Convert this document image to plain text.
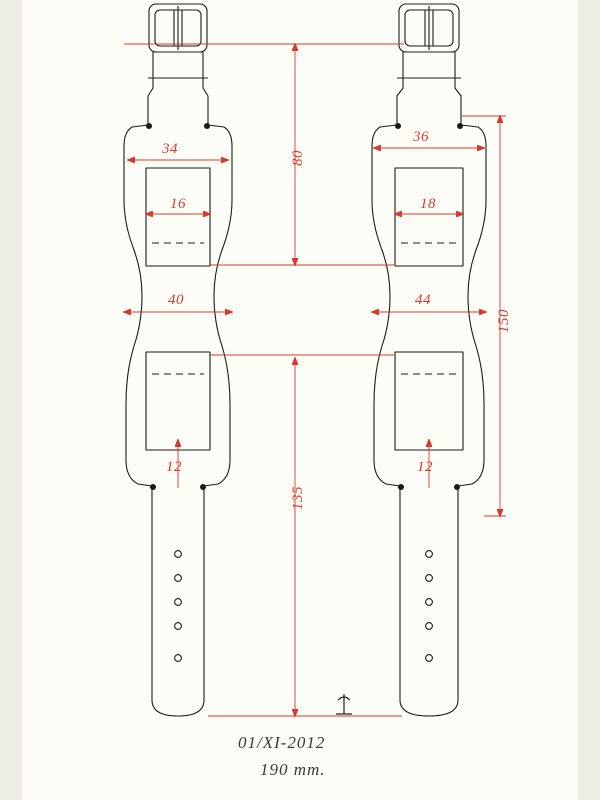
34
16
40
12
36
18
44
12
80
135
150
01/XI-2012
190 mm.
